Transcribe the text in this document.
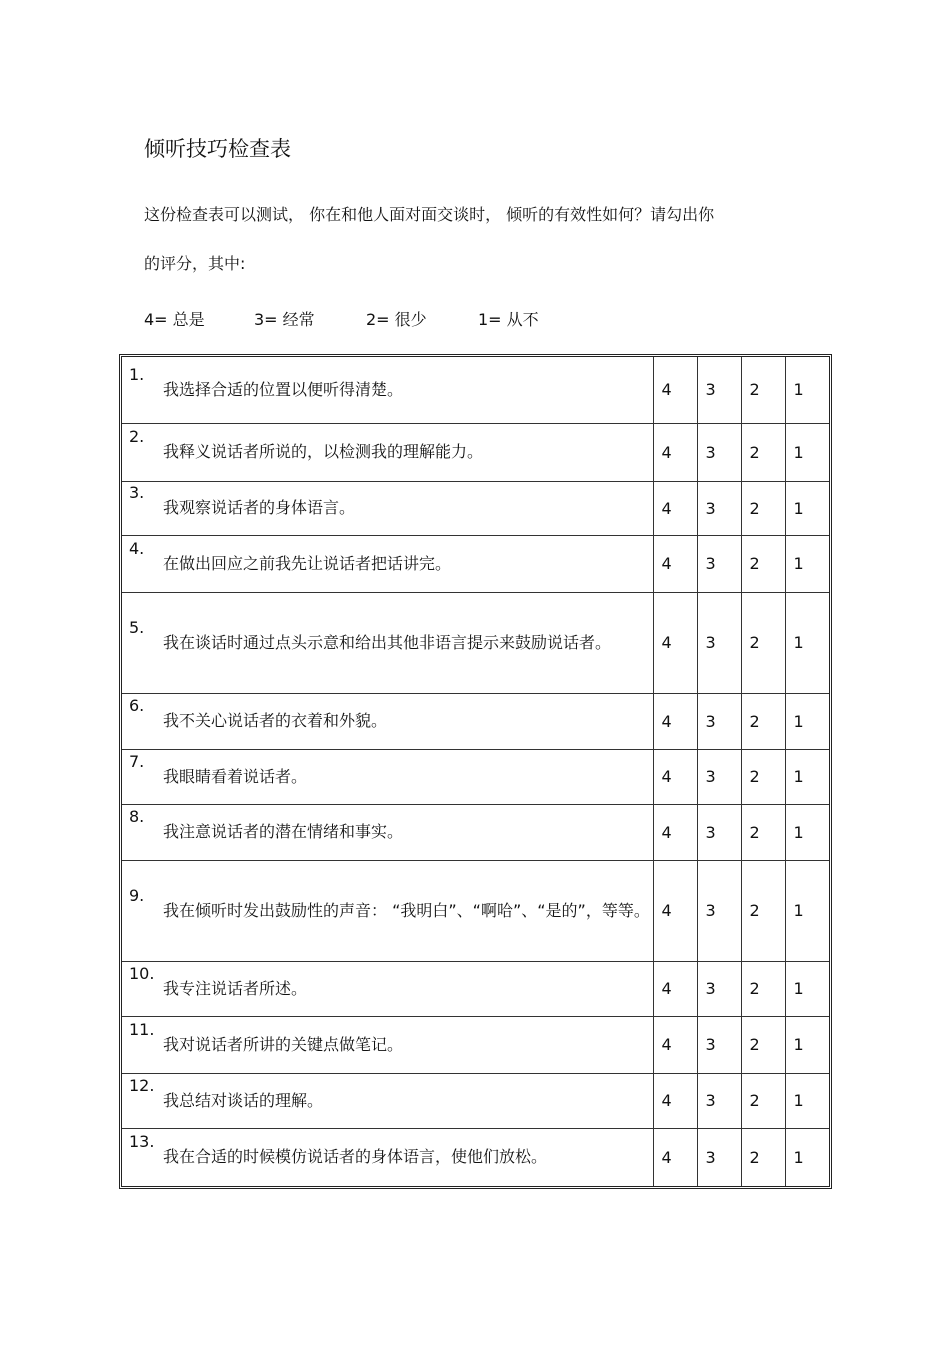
倾听技巧检查表
这份检查表可以测试， 你在和他人面对面交谈时， 倾听的有效性如何？请勾出你
的评分，其中:
4= 总是	3= 经常	2= 很少	1= 从不
1.
我选择合适的位置以便听得清楚。	4	3	2	1

2.
我释义说话者所说的，以检测我的理解能力。	4	3	2	1

3.
我观察说话者的身体语言。	4	3	2	1

4.
在做出回应之前我先让说话者把话讲完。	4	3	2	1

5.
我在谈话时通过点头示意和给出其他非语言提示来鼓励说话者。	4	3	2	1

6.
我不关心说话者的衣着和外貌。	4	3	2	1

7.
我眼睛看着说话者。	4	3	2	1

8.
我注意说话者的潜在情绪和事实。	4	3	2	1

9.
我在倾听时发出鼓励性的声音： “我明白”、“啊哈”、“是的”，等等。	4	3	2	1

10.
我专注说话者所述。	4	3	2	1

11.
我对说话者所讲的关键点做笔记。	4	3	2	1

12.
我总结对谈话的理解。	4	3	2	1

13.
我在合适的时候模仿说话者的身体语言，使他们放松。	4	3	2	1
